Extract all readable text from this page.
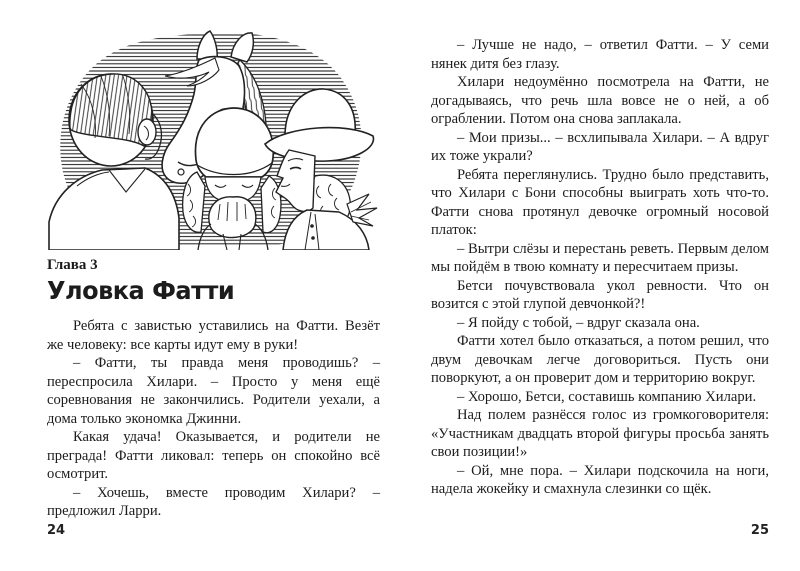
Глава 3
Уловка Фатти

Ребята с завистью уставились на Фатти. Везёт же человеку: все карты идут ему в руки!

– Фатти, ты правда меня проводишь? – переспросила Хилари. – Просто у меня ещё соревнования не закончились. Родители уехали, а дома только экономка Джинни.

Какая удача! Оказывается, и родители не преграда! Фатти ликовал: теперь он спокойно всё осмотрит.

– Хочешь, вместе проводим Хилари? – предложил Ларри.

– Лучше не надо, – ответил Фатти. – У семи нянек дитя без глазу.

Хилари недоумённо посмотрела на Фатти, не догадываясь, что речь шла вовсе не о ней, а об ограблении. Потом она снова заплакала.

– Мои призы... – всхлипывала Хилари. – А вдруг их тоже украли?

Ребята переглянулись. Трудно было представить, что Хилари с Бони способны выиграть хоть что-то. Фатти снова протянул девочке огромный носовой платок:

– Вытри слёзы и перестань реветь. Первым делом мы пойдём в твою комнату и пересчитаем призы.

Бетси почувствовала укол ревности. Что он возится с этой глупой девчонкой?!

– Я пойду с тобой, – вдруг сказала она.

Фатти хотел было отказаться, а потом решил, что двум девочкам легче договориться. Пусть они поворкуют, а он проверит дом и территорию вокруг.

– Хорошо, Бетси, составишь компанию Хилари.

Над полем разнёсся голос из громкоговорителя: «Участникам двадцать второй фигуры просьба занять свои позиции!»

– Ой, мне пора. – Хилари подскочила на ноги, надела жокейку и смахнула слезинки со щёк.

24	25
